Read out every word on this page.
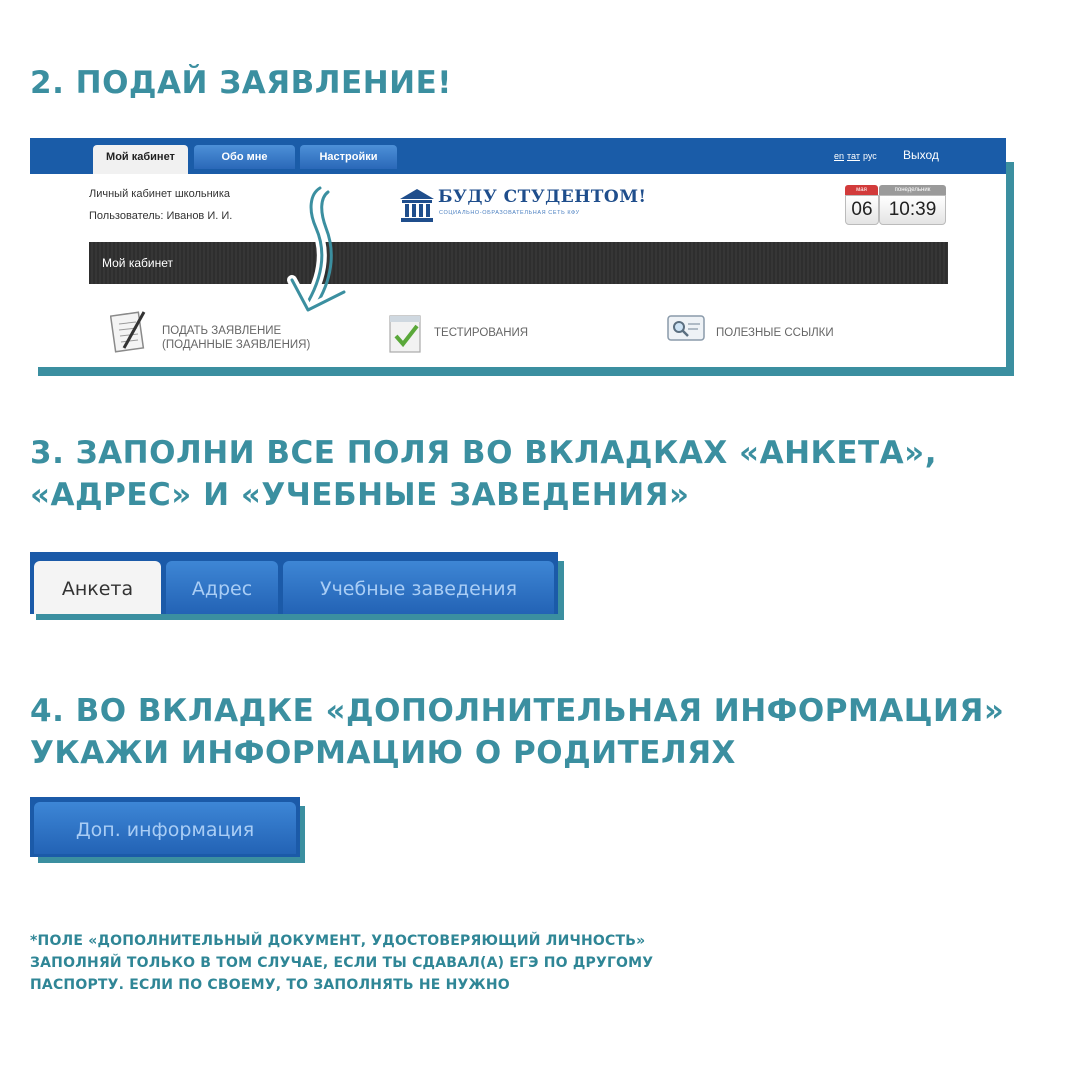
2. ПОДАЙ ЗАЯВЛЕНИЕ!
Мой кабинет	Обо мне	Настройки	en тат рус Выход
Личный кабинет школьника
Пользователь: Иванов И. И.
БУДУ СТУДЕНТОМ!
СОЦИАЛЬНО-ОБРАЗОВАТЕЛЬНАЯ СЕТЬ КФУ
мая	понедельник
06 10:39
Мой кабинет
ПОДАТЬ ЗАЯВЛЕНИЕ
(ПОДАННЫЕ ЗАЯВЛЕНИЯ)
ТЕСТИРОВАНИЯ	ПОЛЕЗНЫЕ ССЫЛКИ
3. ЗАПОЛНИ ВСЕ ПОЛЯ ВО ВКЛАДКАХ «АНКЕТА»,
«АДРЕС» И «УЧЕБНЫЕ ЗАВЕДЕНИЯ»
Анкета	Адрес	Учебные заведения
4. ВО ВКЛАДКЕ «ДОПОЛНИТЕЛЬНАЯ ИНФОРМАЦИЯ»
УКАЖИ ИНФОРМАЦИЮ О РОДИТЕЛЯХ
Доп. информация

*ПОЛЕ «ДОПОЛНИТЕЛЬНЫЙ ДОКУМЕНТ, УДОСТОВЕРЯЮЩИЙ ЛИЧНОСТЬ»
ЗАПОЛНЯЙ ТОЛЬКО В ТОМ СЛУЧАЕ, ЕСЛИ ТЫ СДАВАЛ(А) ЕГЭ ПО ДРУГОМУ
ПАСПОРТУ. ЕСЛИ ПО СВОЕМУ, ТО ЗАПОЛНЯТЬ НЕ НУЖНО
